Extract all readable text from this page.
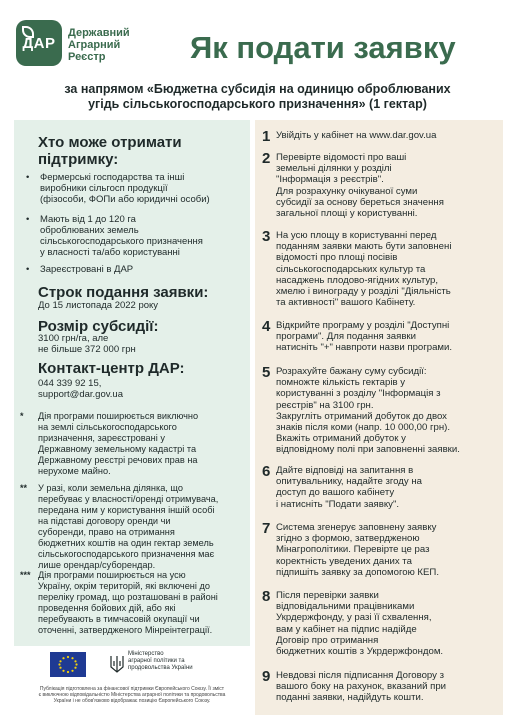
ДАР
Державний
Аграрний
Реєстр	Як подати заявку
за напрямом «Бюджетна субсидія на одиницю оброблюваних
угідь сільськогосподарського призначення» (1 гектар)
Хто може отримати
підтримку:
• Фермерські господарства та інші
виробники сільгосп продукції
(фізособи, ФОПи або юридичні особи)
• Мають від 1 до 120 га
оброблюваних земель
сільськогосподарського призначення
у власності та/або користуванні
• Зареєстровані в ДАР
Строк подання заявки:
До 15 листопада 2022 року
Розмір субсидії:
3100 грн/га, але
не більше 372 000 грн
Контакт-центр ДАР:
044 339 92 15,
support@dar.gov.ua
* Дія програми поширюється виключно
на землі сільськогосподарського
призначення, зареєстровані у
Державному земельному кадастрі та
Державному реєстрі речових прав на
нерухоме майно.
** У разі, коли земельна ділянка, що
перебуває у власності/оренді отримувача,
передана ним у користування іншій особі
на підставі договору оренди чи
суборенди, право на отримання
бюджетних коштів на один гектар земель
сільськогосподарського призначення має
лише орендар/суборендар.
*** Дія програми поширюється на усю
Україну, окрім територій, які включені до
переліку громад, що розташовані в районі
проведення бойових дій, або які
перебувають в тимчасовій окупації чи
оточенні, затвердженого Мінреінтеграції.
1 Увійдіть у кабінет на www.dar.gov.ua
2 Перевірте відомості про ваші
земельні ділянки у розділі
"Інформація з реєстрів".
Для розрахунку очікуваної суми
субсидії за основу береться значення
загальної площі у користуванні.
3 На усю площу в користуванні перед
поданням заявки мають бути заповнені
відомості про площі посівів
сільськогосподарських культур та
насаджень плодово-ягідних культур,
хмелю і винограду у розділі "Діяльність
та активності" вашого Кабінету.
4 Відкрийте програму у розділі "Доступні
програми". Для подання заявки
натисніть "+" навпроти назви програми.
5 Розрахуйте бажану суму субсидії:
помножте кількість гектарів у
користуванні з розділу "Інформація з
реєстрів" на 3100 грн.
Закругліть отриманий добуток до двох
знаків після коми (напр. 10 000,00 грн).
Вкажіть отриманий добуток у
відповідному полі при заповненні заявки.
6 Дайте відповіді на запитання в
опитувальнику, надайте згоду на
доступ до вашого кабінету
і натисніть "Подати заявку".
7 Система згенерує заповнену заявку
згідно з формою, затвердженою
Мінагрополітики. Перевірте це раз
коректність уведених даних та
підпишіть заявку за допомогою КЕП.
8 Після перевірки заявки
відповідальними працівниками
Укрдержфонду, у разі її схвалення,
вам у кабінет на підпис надійде
Договір про отримання
бюджетних коштів з Укрдержфондом.
9 Невдовзі після підписання Договору з
вашого боку на рахунок, вказаний при
поданні заявки, надійдуть кошти.
Міністерство
аграрної політики та
продовольства України
Публікація підготовлена за фінансової підтримки Європейського Союзу. Її зміст
є виключною відповідальністю Міністерства аграрної політики та продовольства
України і не обов'язково відображає позицію Європейського Союзу.
